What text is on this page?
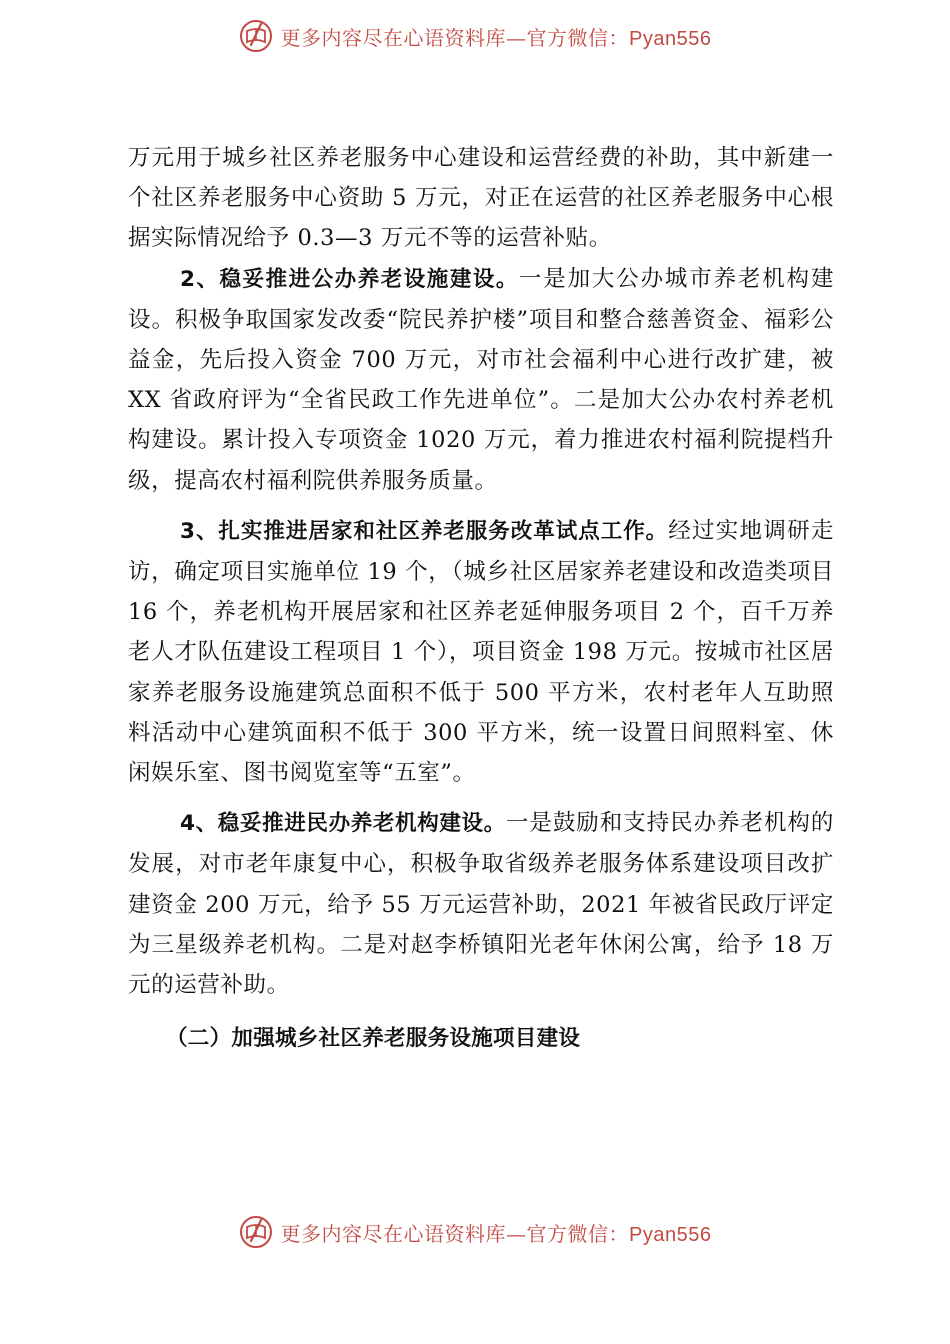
更多内容尽在心语资料库—官方微信：Pyan556

万元用于城乡社区养老服务中心建设和运营经费的补助，其中新建一个社区养老服务中心资助 5 万元，对正在运营的社区养老服务中心根据实际情况给予 0.3—3 万元不等的运营补贴。

2、稳妥推进公办养老设施建设。一是加大公办城市养老机构建设。积极争取国家发改委“院民养护楼”项目和整合慈善资金、福彩公益金，先后投入资金 700 万元，对市社会福利中心进行改扩建，被 XX 省政府评为“全省民政工作先进单位”。二是加大公办农村养老机构建设。累计投入专项资金 1020 万元，着力推进农村福利院提档升级，提高农村福利院供养服务质量。

3、扎实推进居家和社区养老服务改革试点工作。经过实地调研走访，确定项目实施单位 19 个，（城乡社区居家养老建设和改造类项目 16 个，养老机构开展居家和社区养老延伸服务项目 2 个，百千万养老人才队伍建设工程项目 1 个），项目资金 198 万元。按城市社区居家养老服务设施建筑总面积不低于 500 平方米，农村老年人互助照料活动中心建筑面积不低于 300 平方米，统一设置日间照料室、休闲娱乐室、图书阅览室等“五室”。

4、稳妥推进民办养老机构建设。一是鼓励和支持民办养老机构的发展，对市老年康复中心，积极争取省级养老服务体系建设项目改扩建资金 200 万元，给予 55 万元运营补助，2021 年被省民政厅评定为三星级养老机构。二是对赵李桥镇阳光老年休闲公寓，给予 18 万元的运营补助。

（二）加强城乡社区养老服务设施项目建设

更多内容尽在心语资料库—官方微信：Pyan556
